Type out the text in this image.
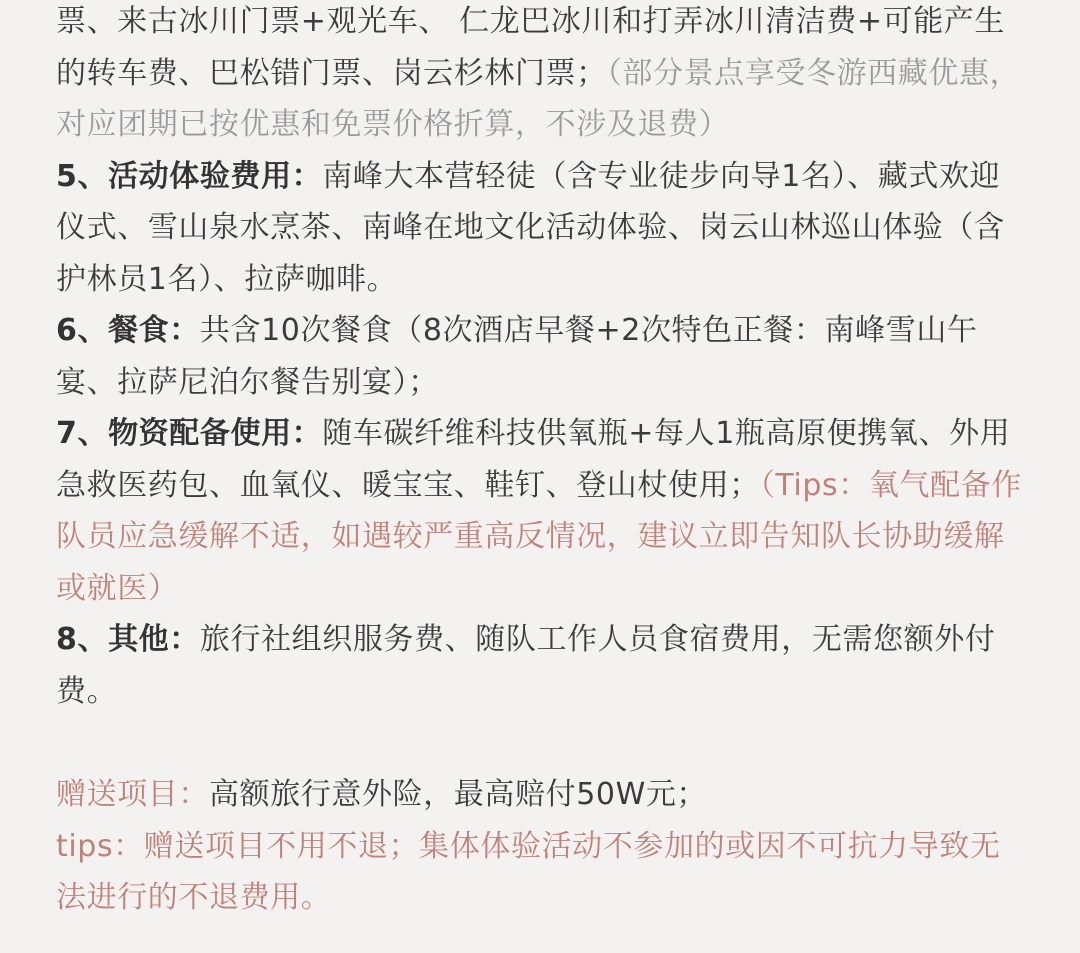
票、来古冰川门票+观光车、 仁龙巴冰川和打弄冰川清洁费+可能产生的转车费、巴松错门票、岗云杉林门票；（部分景点享受冬游西藏优惠，对应团期已按优惠和免票价格折算，不涉及退费）

5、活动体验费用：南峰大本营轻徒（含专业徒步向导1名）、藏式欢迎仪式、雪山泉水烹茶、南峰在地文化活动体验、岗云山林巡山体验（含护林员1名）、拉萨咖啡。

6、餐食：共含10次餐食（8次酒店早餐+2次特色正餐：南峰雪山午宴、拉萨尼泊尔餐告别宴）；

7、物资配备使用：随车碳纤维科技供氧瓶+每人1瓶高原便携氧、外用急救医药包、血氧仪、暖宝宝、鞋钉、登山杖使用；（Tips：氧气配备作队员应急缓解不适，如遇较严重高反情况，建议立即告知队长协助缓解或就医）

8、其他：旅行社组织服务费、随队工作人员食宿费用，无需您额外付费。

赠送项目：高额旅行意外险，最高赔付50W元；

tips：赠送项目不用不退；集体体验活动不参加的或因不可抗力导致无法进行的不退费用。
